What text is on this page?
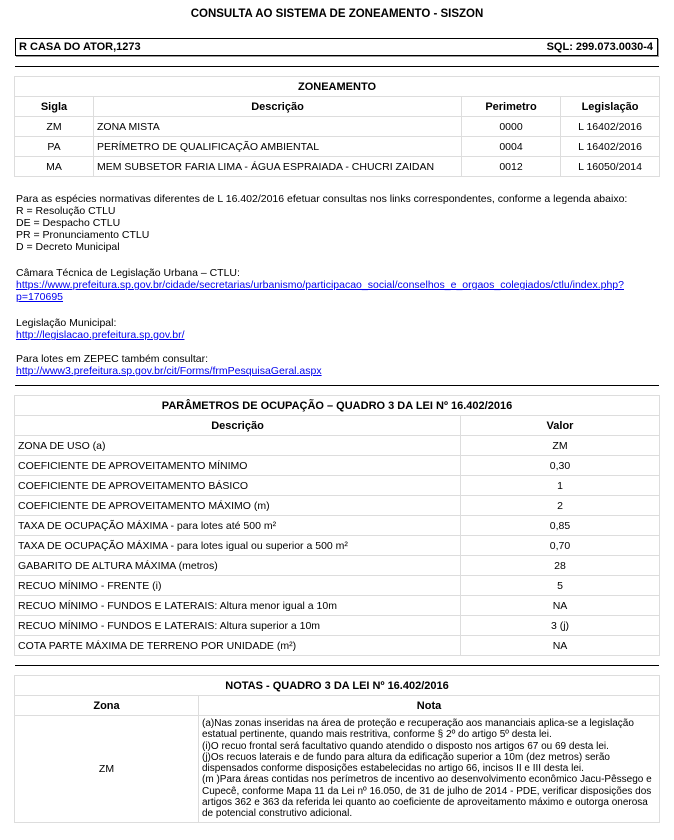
CONSULTA AO SISTEMA DE ZONEAMENTO - SISZON
R CASA DO ATOR,1273	SQL: 299.073.0030-4
ZONEAMENTO			
Sigla	Descrição	Perimetro	Legislação
ZM	ZONA MISTA	0000	L 16402/2016
PA	PERÍMETRO DE QUALIFICAÇÃO AMBIENTAL	0004	L 16402/2016
MA	MEM SUBSETOR FARIA LIMA - ÁGUA ESPRAIADA - CHUCRI ZAIDAN	0012	L 16050/2014
Para as espécies normativas diferentes de L 16.402/2016 efetuar consultas nos links correspondentes, conforme a legenda abaixo:
R = Resolução CTLU
DE = Despacho CTLU
PR = Pronunciamento CTLU
D = Decreto Municipal
Câmara Técnica de Legislação Urbana – CTLU:
https://www.prefeitura.sp.gov.br/cidade/secretarias/urbanismo/participacao_social/conselhos_e_orgaos_colegiados/ctlu/index.php?
p=170695
Legislação Municipal:
http://legislacao.prefeitura.sp.gov.br/
Para lotes em ZEPEC também consultar:
http://www3.prefeitura.sp.gov.br/cit/Forms/frmPesquisaGeral.aspx
PARÂMETROS DE OCUPAÇÃO – QUADRO 3 DA LEI Nº 16.402/2016	
Descrição	Valor
ZONA DE USO (a)	ZM
COEFICIENTE DE APROVEITAMENTO MÍNIMO	0,30
COEFICIENTE DE APROVEITAMENTO BÁSICO	1
COEFICIENTE DE APROVEITAMENTO MÁXIMO (m)	2
TAXA DE OCUPAÇÃO MÁXIMA - para lotes até 500 m²	0,85
TAXA DE OCUPAÇÃO MÁXIMA - para lotes igual ou superior a 500 m²	0,70
GABARITO DE ALTURA MÁXIMA (metros)	28
RECUO MÍNIMO - FRENTE (i)	5
RECUO MÍNIMO - FUNDOS E LATERAIS: Altura menor igual a 10m	NA
RECUO MÍNIMO - FUNDOS E LATERAIS: Altura superior a 10m	3 (j)
COTA PARTE MÁXIMA DE TERRENO POR UNIDADE (m²)	NA
NOTAS - QUADRO 3 DA LEI Nº 16.402/2016	
Zona	Nota
ZM	(a)Nas zonas inseridas na área de proteção e recuperação aos mananciais aplica-se a legislação estatual pertinente, quando mais restritiva, conforme § 2º do artigo 5º desta lei.
(i)O recuo frontal será facultativo quando atendido o disposto nos artigos 67 ou 69 desta lei.
(j)Os recuos laterais e de fundo para altura da edificação superior a 10m (dez metros) serão dispensados conforme disposições estabelecidas no artigo 66, incisos II e III desta lei.
(m )Para áreas contidas nos perímetros de incentivo ao desenvolvimento econômico Jacu-Pêssego e Cupecê, conforme Mapa 11 da Lei nº 16.050, de 31 de julho de 2014 - PDE, verificar disposições dos artigos 362 e 363 da referida lei quanto ao coeficiente de aproveitamento máximo e outorga onerosa de potencial construtivo adicional.
